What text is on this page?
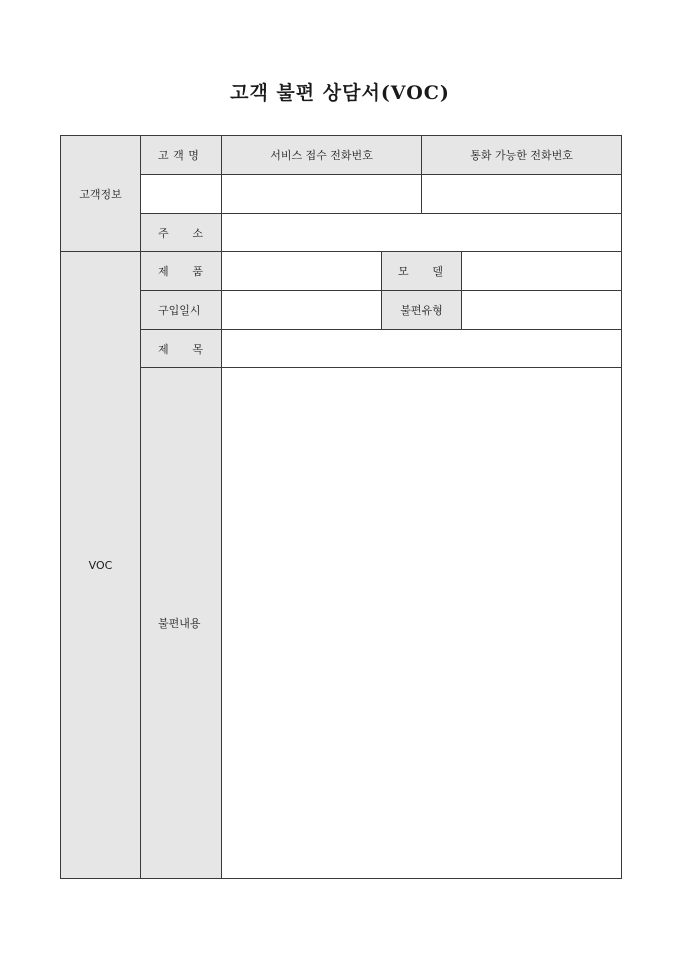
고객 불편 상담서(VOC)
고객정보	고 객 명	서비스 접수 전화번호		통화 가능한 전화번호	

	주 소				

VOC	제 품		모 델		

	구입일시		불편유형		

	제 목				

	불편내용				
